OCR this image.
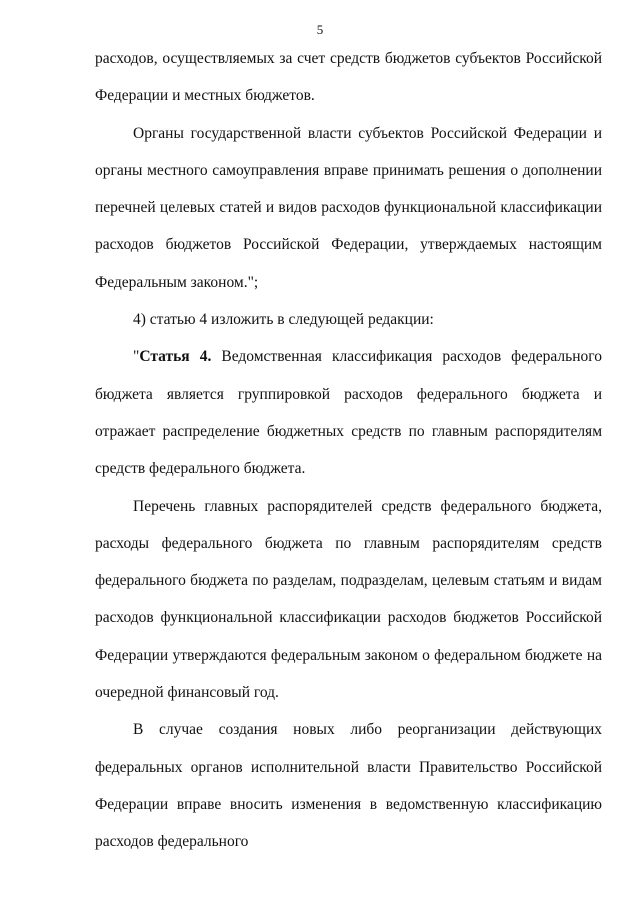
5

расходов, осуществляемых за счет средств бюджетов субъектов Российской Федерации и местных бюджетов.

Органы государственной власти субъектов Российской Федерации и органы местного самоуправления вправе принимать решения о дополнении перечней целевых статей и видов расходов функциональной классификации расходов бюджетов Российской Федерации, утверждаемых настоящим Федеральным законом.";

4) статью 4 изложить в следующей редакции:

"Статья 4. Ведомственная классификация расходов федерального бюджета является группировкой расходов федерального бюджета и отражает распределение бюджетных средств по главным распорядителям средств федерального бюджета.

Перечень главных распорядителей средств федерального бюджета, расходы федерального бюджета по главным распорядителям средств федерального бюджета по разделам, подразделам, целевым статьям и видам расходов функциональной классификации расходов бюджетов Российской Федерации утверждаются федеральным законом о федеральном бюджете на очередной финансовый год.

В случае создания новых либо реорганизации действующих федеральных органов исполнительной власти Правительство Российской Федерации вправе вносить изменения в ведомственную классификацию расходов федерального
